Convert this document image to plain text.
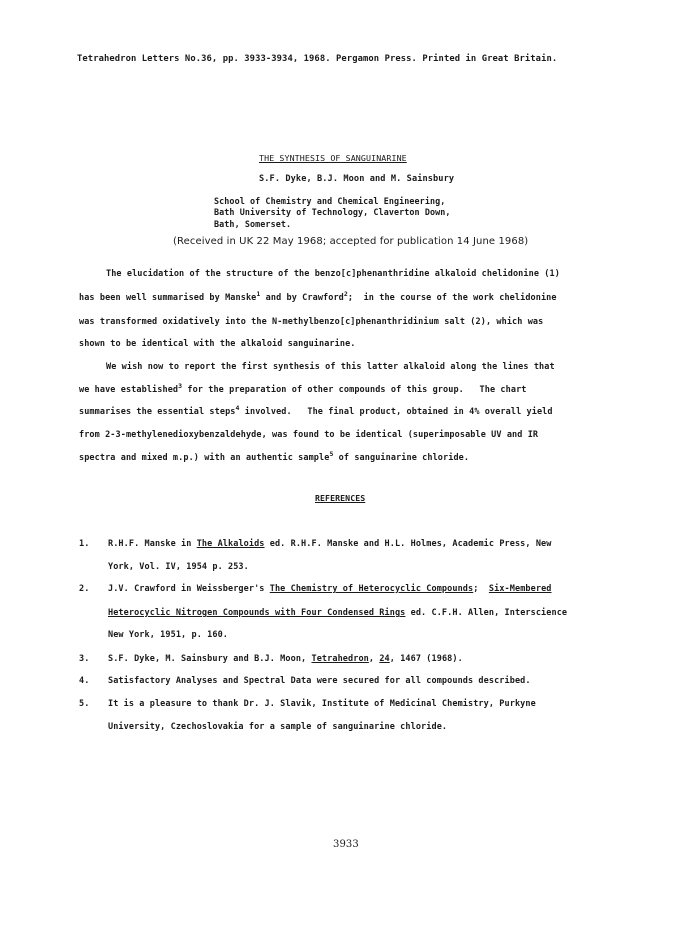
Tetrahedron Letters No.36, pp. 3933-3934, 1968. Pergamon Press. Printed in Great Britain.
THE SYNTHESIS OF SANGUINARINE
S.F. Dyke, B.J. Moon and M. Sainsbury
School of Chemistry and Chemical Engineering,
Bath University of Technology, Claverton Down,
Bath, Somerset.
(Received in UK 22 May 1968; accepted for publication 14 June 1968)
The elucidation of the structure of the benzo[c]phenanthridine alkaloid chelidonine (1)
has been well summarised by Manske$^1$ and by Crawford$^2$;  in the course of the work chelidonine
was transformed oxidatively into the N-methylbenzo[c]phenanthridinium salt (2), which was
shown to be identical with the alkaloid sanguinarine.
We wish now to report the first synthesis of this latter alkaloid along the lines that
we have established$^3$ for the preparation of other compounds of this group.   The chart
summarises the essential steps$^4$ involved.   The final product, obtained in 4% overall yield
from 2-3-methylenedioxybenzaldehyde, was found to be identical (superimposable UV and IR
spectra and mixed m.p.) with an authentic sample$^5$ of sanguinarine chloride.
REFERENCES
1. R.H.F. Manske in The Alkaloids ed. R.H.F. Manske and H.L. Holmes, Academic Press, New
York, Vol. IV, 1954 p. 253.
2. J.V. Crawford in Weissberger's The Chemistry of Heterocyclic Compounds;  Six-Membered
Heterocyclic Nitrogen Compounds with Four Condensed Rings ed. C.F.H. Allen, Interscience
New York, 1951, p. 160.
3. S.F. Dyke, M. Sainsbury and B.J. Moon, Tetrahedron, 24, 1467 (1968).
4. Satisfactory Analyses and Spectral Data were secured for all compounds described.
5. It is a pleasure to thank Dr. J. Slavik, Institute of Medicinal Chemistry, Purkyne
University, Czechoslovakia for a sample of sanguinarine chloride.
3933
